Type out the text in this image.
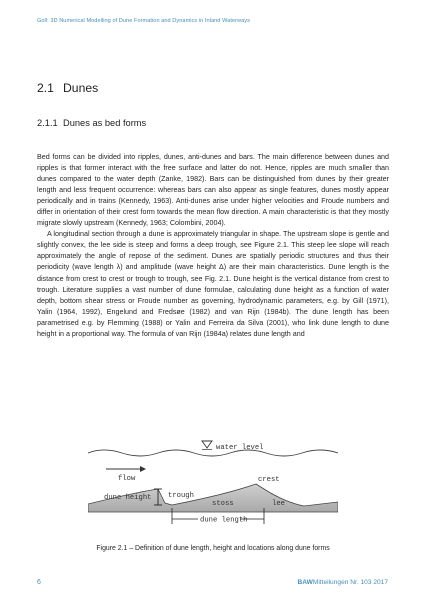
Goll: 3D Numerical Modelling of Dune Formation and Dynamics in Inland Waterways
2.1 Dunes
2.1.1 Dunes as bed forms

Bed forms can be divided into ripples, dunes, anti-dunes and bars. The main difference between dunes and ripples is that former interact with the free surface and latter do not. Hence, ripples are much smaller than dunes compared to the water depth (Zanke, 1982). Bars can be distinguished from dunes by their greater length and less frequent occurrence: whereas bars can also appear as single features, dunes mostly appear periodically and in trains (Kennedy, 1963). Anti-dunes arise under higher velocities and Froude numbers and differ in orientation of their crest form towards the mean flow direction. A main characteristic is that they mostly migrate slowly upstream (Kennedy, 1963; Colombini, 2004).

A longitudinal section through a dune is approximately triangular in shape. The upstream slope is gentle and slightly convex, the lee side is steep and forms a deep trough, see Figure 2.1. This steep lee slope will reach approximately the angle of repose of the sediment. Dunes are spatially periodic structures and thus their periodicity (wave length λ) and amplitude (wave height Δ) are their main characteristics. Dune length is the distance from crest to crest or trough to trough, see Fig. 2.1. Dune height is the vertical distance from crest to trough. Literature supplies a vast number of dune formulae, calculating dune height as a function of water depth, bottom shear stress or Froude number as governing, hydrodynamic parameters, e.g. by Gill (1971), Yalin (1964, 1992), Engelund and Fredsøe (1982) and van Rijn (1984b). The dune length has been parametrised e.g. by Flemming (1988) or Yalin and Ferreira da Silva (2001), who link dune length to dune height in a proportional way. The formula of van Rijn (1984a) relates dune length and

water level
flow	crest
dune height trough
stoss	lee
dune length
Figure 2.1 – Definition of dune length, height and locations along dune forms
6	BAWMitteilungen Nr. 103 2017
